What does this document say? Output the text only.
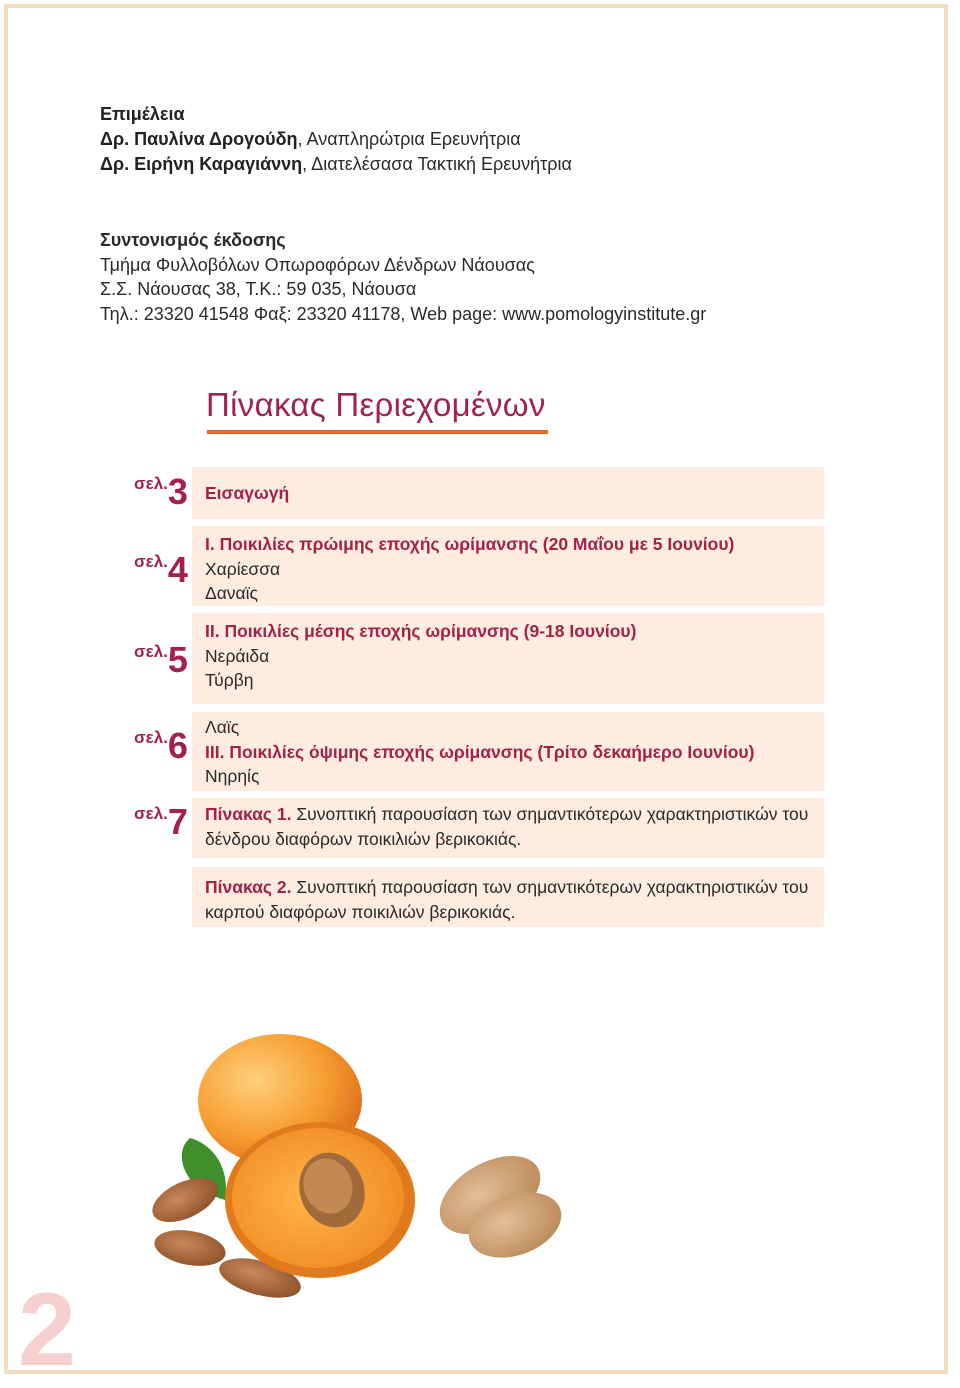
Επιμέλεια
Δρ. Παυλίνα Δρογούδη, Αναπληρώτρια Ερευνήτρια
Δρ. Ειρήνη Καραγιάννη, Διατελέσασα Τακτική Ερευνήτρια
Συντονισμός έκδοσης
Τμήμα Φυλλοβόλων Οπωροφόρων Δένδρων Νάουσας
Σ.Σ. Νάουσας 38, Τ.Κ.: 59 035, Νάουσα
Τηλ.: 23320 41548 Φαξ: 23320 41178, Web page: www.pomologyinstitute.gr
Πίνακας Περιεχομένων
σελ.3
σελ.4
σελ.5
σελ.6
σελ.7
Εισαγωγή
Ι. Ποικιλίες πρώιμης εποχής ωρίμανσης (20 Μαΐου με 5 Ιουνίου)
Χαρίεσσα
Δαναϊς
ΙΙ. Ποικιλίες μέσης εποχής ωρίμανσης (9-18 Ιουνίου)
Νεράιδα
Τύρβη
Λαϊς
ΙΙΙ. Ποικιλίες όψιμης εποχής ωρίμανσης (Τρίτο δεκαήμερο Ιουνίου)
Νηρηίς
Πίνακας 1. Συνοπτική παρουσίαση των σημαντικότερων χαρακτηριστικών του
δένδρου διαφόρων ποικιλιών βερικοκιάς.
Πίνακας 2. Συνοπτική παρουσίαση των σημαντικότερων χαρακτηριστικών του
καρπού διαφόρων ποικιλιών βερικοκιάς.
2
